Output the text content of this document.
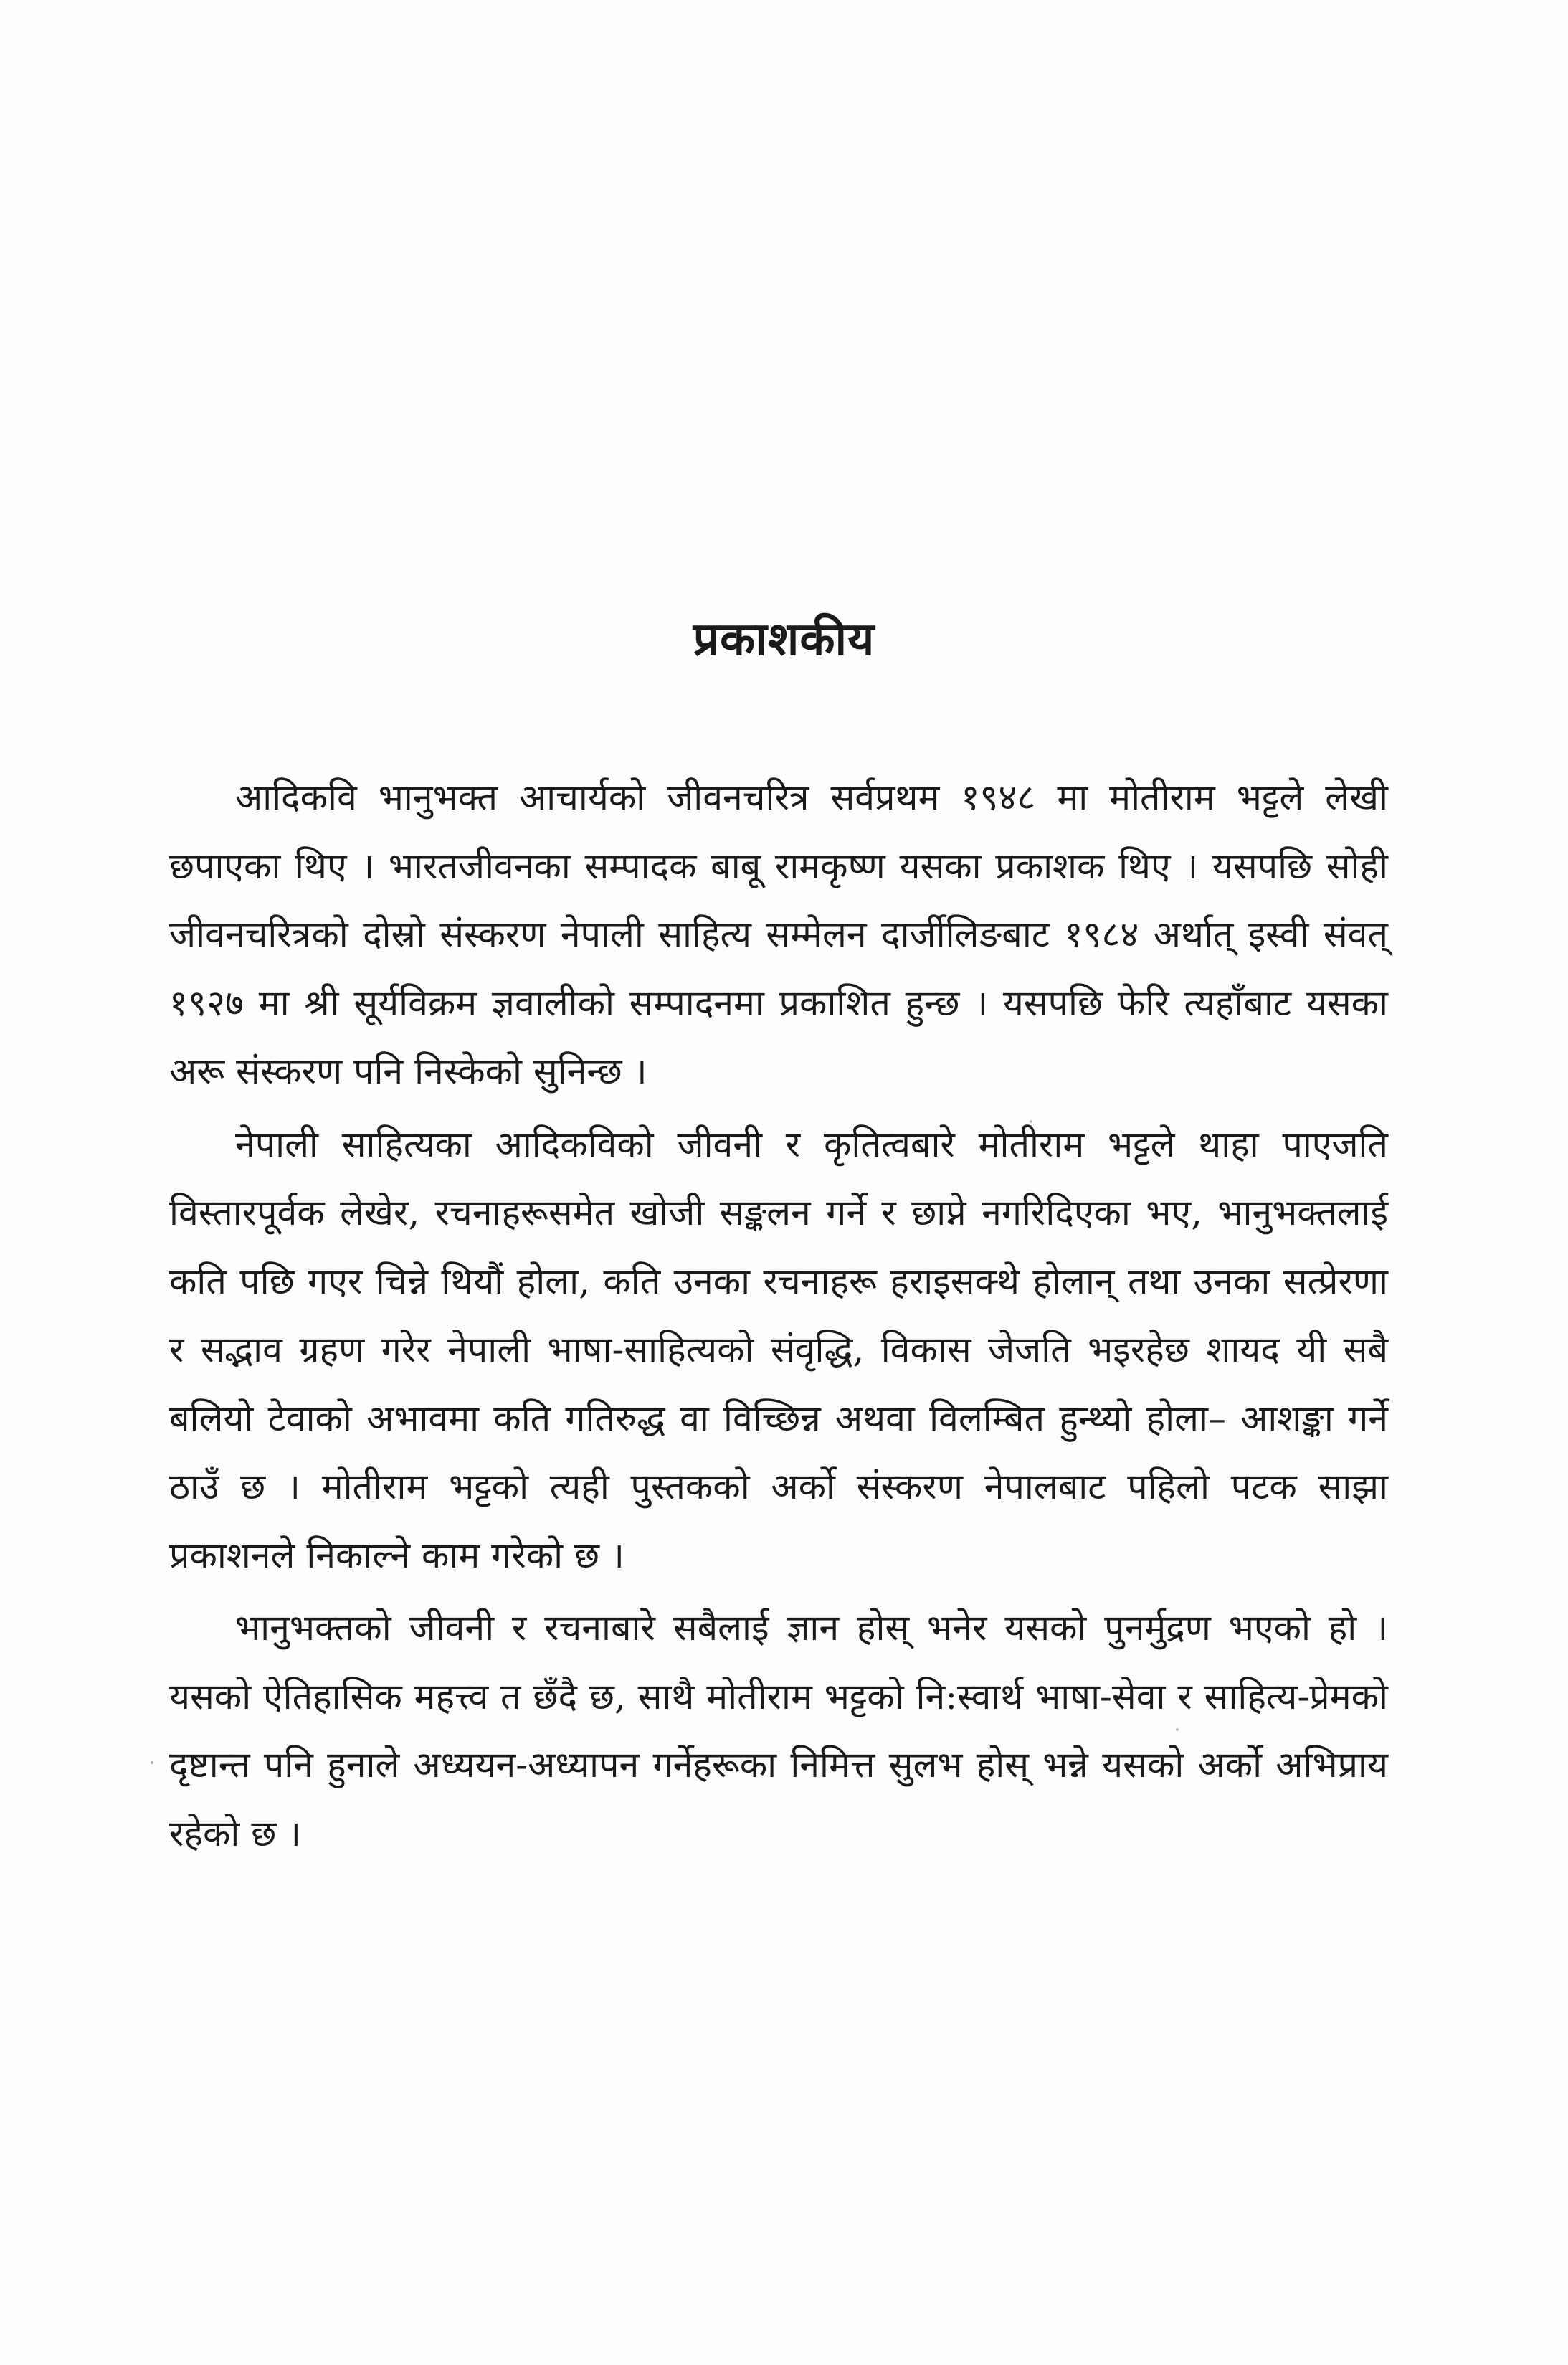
प्रकाशकीय

आदिकवि भानुभक्त आचार्यको जीवनचरित्र सर्वप्रथम १९४८ मा मोतीराम भट्टले लेखी छपाएका थिए । भारतजीवनका सम्पादक बाबू रामकृष्ण यसका प्रकाशक थिए । यसपछि सोही जीवनचरित्रको दोस्रो संस्करण नेपाली साहित्य सम्मेलन दार्जीलिङबाट १९८४ अर्थात् इस्वी संवत् १९२७ मा श्री सूर्यविक्रम ज्ञवालीको सम्पादनमा प्रकाशित हुन्छ । यसपछि फेरि त्यहाँबाट यसका अरू संस्करण पनि निस्केको सुनिन्छ ।

नेपाली साहित्यका आदिकविको जीवनी र कृतित्वबारे मोतीराम भट्टले थाहा पाएजति विस्तारपूर्वक लेखेर, रचनाहरूसमेत खोजी सङ्कलन गर्ने र छाप्ने नगरिदिएका भए, भानुभक्तलाई कति पछि गएर चिन्ने थियौं होला, कति उनका रचनाहरू हराइसक्थे होलान् तथा उनका सत्प्रेरणा र सद्भाव ग्रहण गरेर नेपाली भाषा-साहित्यको संवृद्धि, विकास जेजति भइरहेछ शायद यी सबै बलियो टेवाको अभावमा कति गतिरुद्ध वा विच्छिन्न अथवा विलम्बित हुन्थ्यो होला– आशङ्का गर्ने ठाउँ छ । मोतीराम भट्टको त्यही पुस्तकको अर्को संस्करण नेपालबाट पहिलो पटक साझा प्रकाशनले निकाल्ने काम गरेको छ ।

भानुभक्तको जीवनी र रचनाबारे सबैलाई ज्ञान होस् भनेर यसको पुनर्मुद्रण भएको हो । यसको ऐतिहासिक महत्त्व त छँदै छ, साथै मोतीराम भट्टको नि:स्वार्थ भाषा-सेवा र साहित्य-प्रेमको दृष्टान्त पनि हुनाले अध्ययन-अध्यापन गर्नेहरूका निमित्त सुलभ होस् भन्ने यसको अर्को अभिप्राय रहेको छ ।
